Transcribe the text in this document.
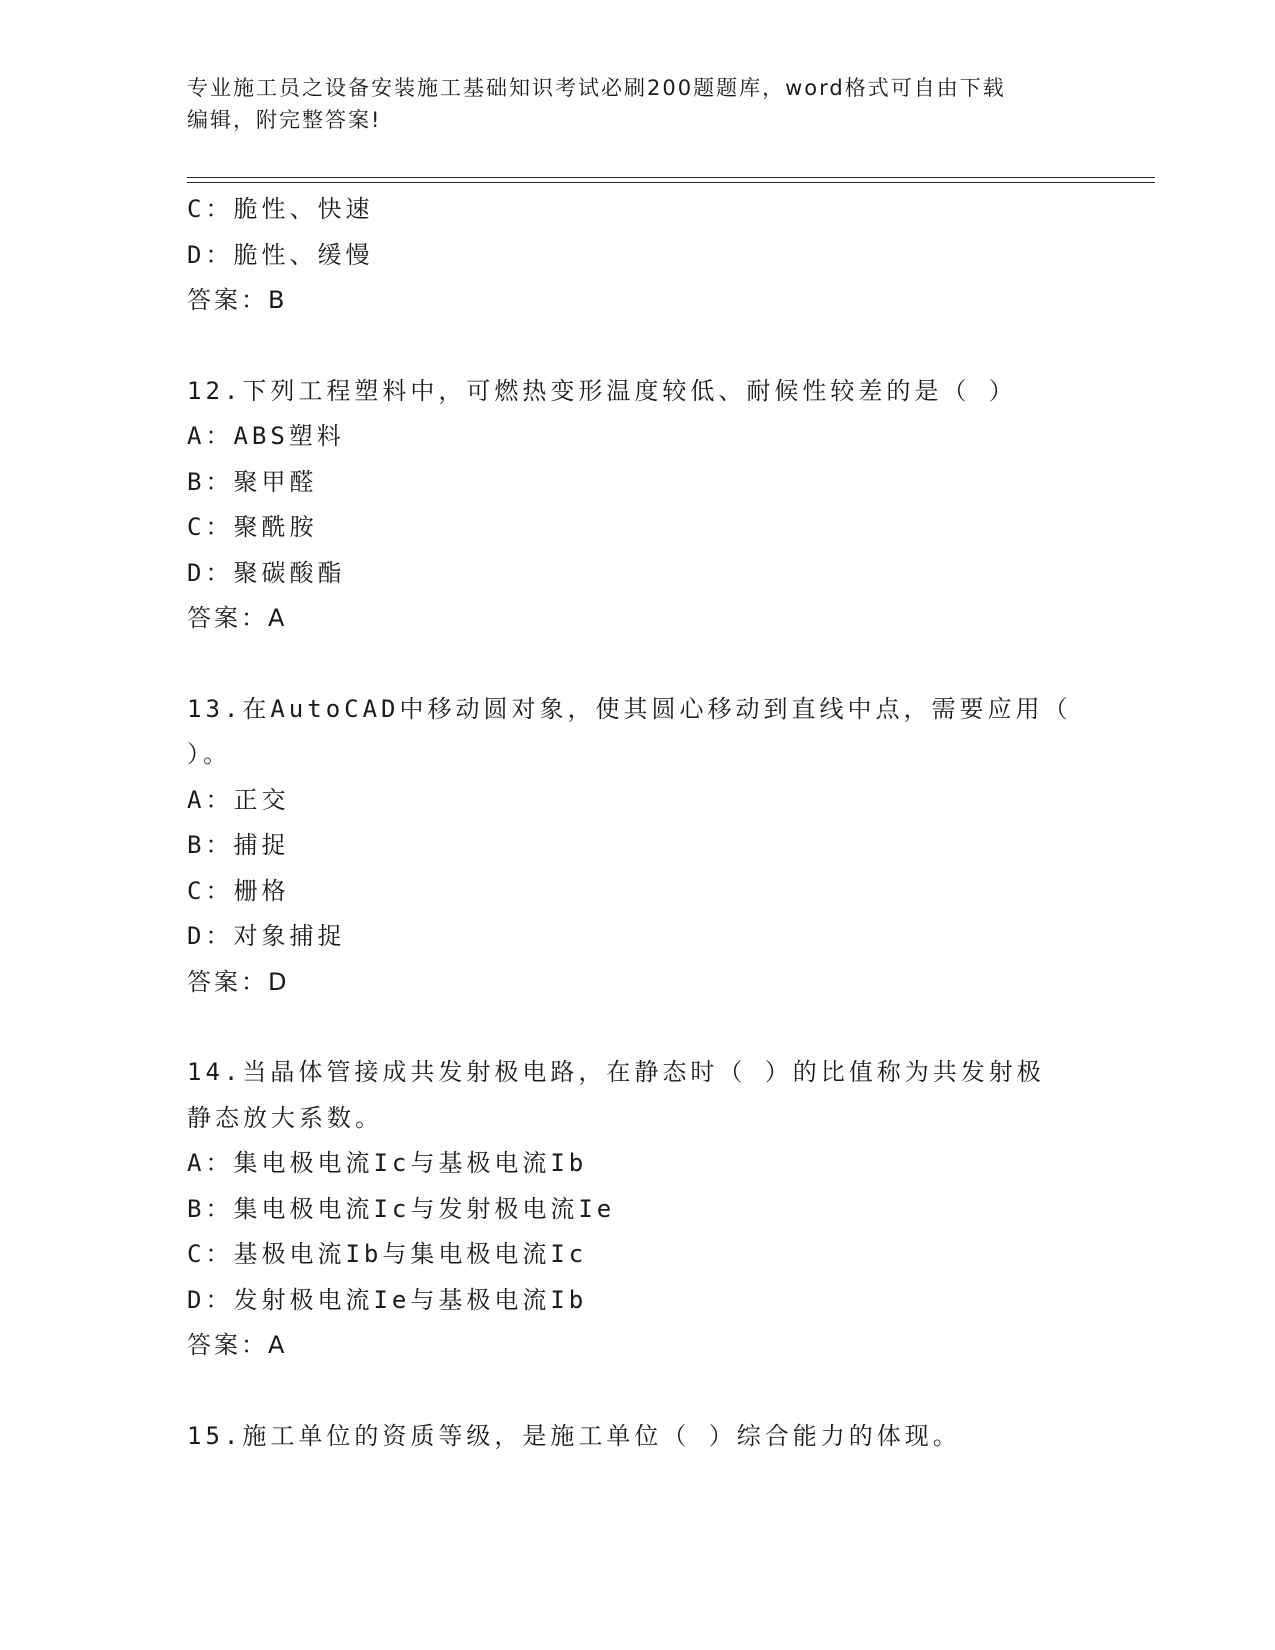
专业施工员之设备安装施工基础知识考试必刷200题题库，word格式可自由下载
编辑，附完整答案!
C：脆性、快速
D：脆性、缓慢
答案：B
12.下列工程塑料中，可燃热变形温度较低、耐候性较差的是（ ）
A：ABS塑料
B：聚甲醛
C：聚酰胺
D：聚碳酸酯
答案：A
13.在AutoCAD中移动圆对象，使其圆心移动到直线中点，需要应用（
）。
A：正交
B：捕捉
C：栅格
D：对象捕捉
答案：D
14.当晶体管接成共发射极电路，在静态时（ ）的比值称为共发射极
静态放大系数。
A：集电极电流Ic与基极电流Ib
B：集电极电流Ic与发射极电流Ie
C：基极电流Ib与集电极电流Ic
D：发射极电流Ie与基极电流Ib
答案：A
15.施工单位的资质等级，是施工单位（ ）综合能力的体现。
